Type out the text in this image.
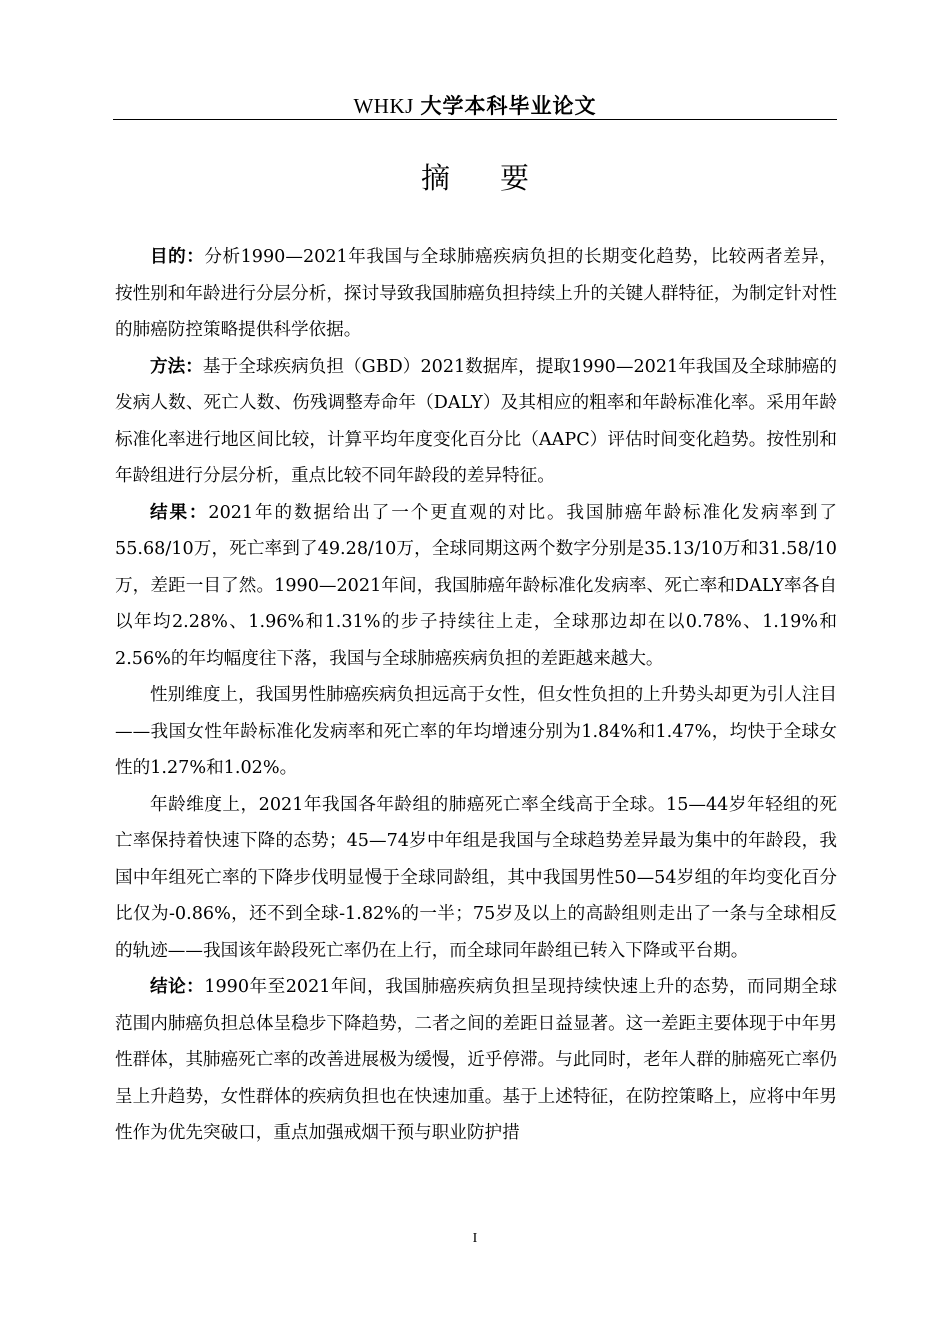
WHKJ 大学本科毕业论文
摘要

目的：分析1990—2021年我国与全球肺癌疾病负担的长期变化趋势，比较两者差异，按性别和年龄进行分层分析，探讨导致我国肺癌负担持续上升的关键人群特征，为制定针对性的肺癌防控策略提供科学依据。

方法：基于全球疾病负担（GBD）2021数据库，提取1990—2021年我国及全球肺癌的发病人数、死亡人数、伤残调整寿命年（DALY）及其相应的粗率和年龄标准化率。采用年龄标准化率进行地区间比较，计算平均年度变化百分比（AAPC）评估时间变化趋势。按性别和年龄组进行分层分析，重点比较不同年龄段的差异特征。

结果：2021年的数据给出了一个更直观的对比。我国肺癌年龄标准化发病率到了55.68/10万，死亡率到了49.28/10万，全球同期这两个数字分别是35.13/10万和31.58/10万，差距一目了然。1990—2021年间，我国肺癌年龄标准化发病率、死亡率和DALY率各自以年均2.28%、1.96%和1.31%的步子持续往上走，全球那边却在以0.78%、1.19%和2.56%的年均幅度往下落，我国与全球肺癌疾病负担的差距越来越大。

性别维度上，我国男性肺癌疾病负担远高于女性，但女性负担的上升势头却更为引人注目——我国女性年龄标准化发病率和死亡率的年均增速分别为1.84%和1.47%，均快于全球女性的1.27%和1.02%。

年龄维度上，2021年我国各年龄组的肺癌死亡率全线高于全球。15—44岁年轻组的死亡率保持着快速下降的态势；45—74岁中年组是我国与全球趋势差异最为集中的年龄段，我国中年组死亡率的下降步伐明显慢于全球同龄组，其中我国男性50—54岁组的年均变化百分比仅为-0.86%，还不到全球-1.82%的一半；75岁及以上的高龄组则走出了一条与全球相反的轨迹——我国该年龄段死亡率仍在上行，而全球同年龄组已转入下降或平台期。

结论：1990年至2021年间，我国肺癌疾病负担呈现持续快速上升的态势，而同期全球范围内肺癌负担总体呈稳步下降趋势，二者之间的差距日益显著。这一差距主要体现于中年男性群体，其肺癌死亡率的改善进展极为缓慢，近乎停滞。与此同时，老年人群的肺癌死亡率仍呈上升趋势，女性群体的疾病负担也在快速加重。基于上述特征，在防控策略上，应将中年男性作为优先突破口，重点加强戒烟干预与职业防护措

I
